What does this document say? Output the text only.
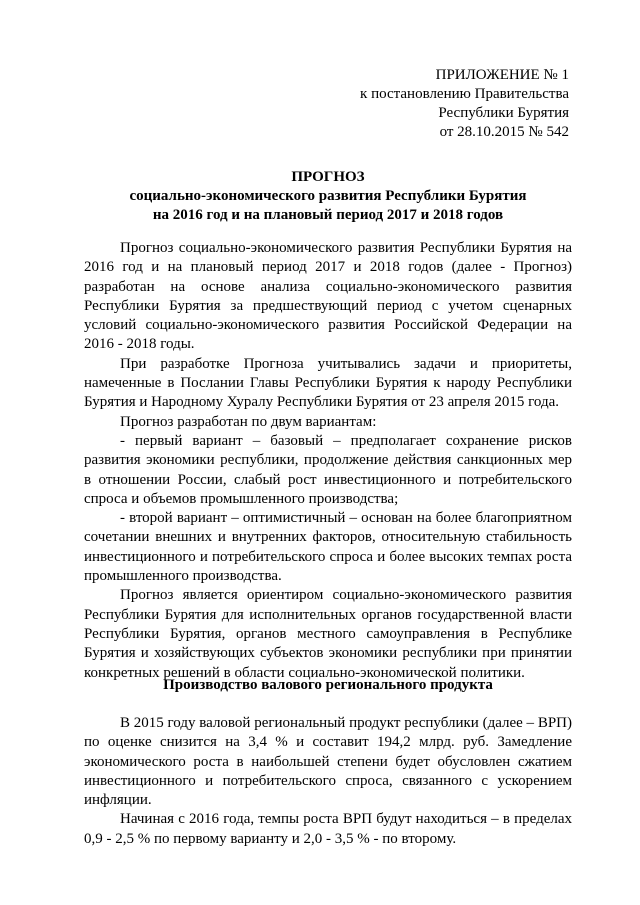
ПРИЛОЖЕНИЕ № 1
к постановлению Правительства
Республики Бурятия
от 28.10.2015 № 542
ПРОГНОЗ
социально-экономического развития Республики Бурятия
на 2016 год и на плановый период 2017 и 2018 годов

Прогноз социально-экономического развития Республики Бурятия на 2016 год и на плановый период 2017 и 2018 годов (далее - Прогноз) разработан на основе анализа социально-экономического развития Республики Бурятия за предшествующий период с учетом сценарных условий социально-экономического развития Российской Федерации на 2016 - 2018 годы.

При разработке Прогноза учитывались задачи и приоритеты, намеченные в Послании Главы Республики Бурятия к народу Республики Бурятия и Народному Хуралу Республики Бурятия от 23 апреля 2015 года.

Прогноз разработан по двум вариантам:

- первый вариант – базовый – предполагает сохранение рисков развития экономики республики, продолжение действия санкционных мер в отношении России, слабый рост инвестиционного и потребительского спроса и объемов промышленного производства;

- второй вариант – оптимистичный – основан на более благоприятном сочетании внешних и внутренних факторов, относительную стабильность инвестиционного и потребительского спроса и более высоких темпах роста промышленного производства.

Прогноз является ориентиром социально-экономического развития Республики Бурятия для исполнительных органов государственной власти Республики Бурятия, органов местного самоуправления в Республике Бурятия и хозяйствующих субъектов экономики республики при принятии конкретных решений в области социально-экономической политики.

Производство валового регионального продукта

В 2015 году валовой региональный продукт республики (далее – ВРП) по оценке снизится на 3,4 % и составит 194,2 млрд. руб. Замедление экономического роста в наибольшей степени будет обусловлен сжатием инвестиционного и потребительского спроса, связанного с ускорением инфляции.

Начиная с 2016 года, темпы роста ВРП будут находиться – в пределах 0,9 - 2,5 % по первому варианту и 2,0 - 3,5 % - по второму.
